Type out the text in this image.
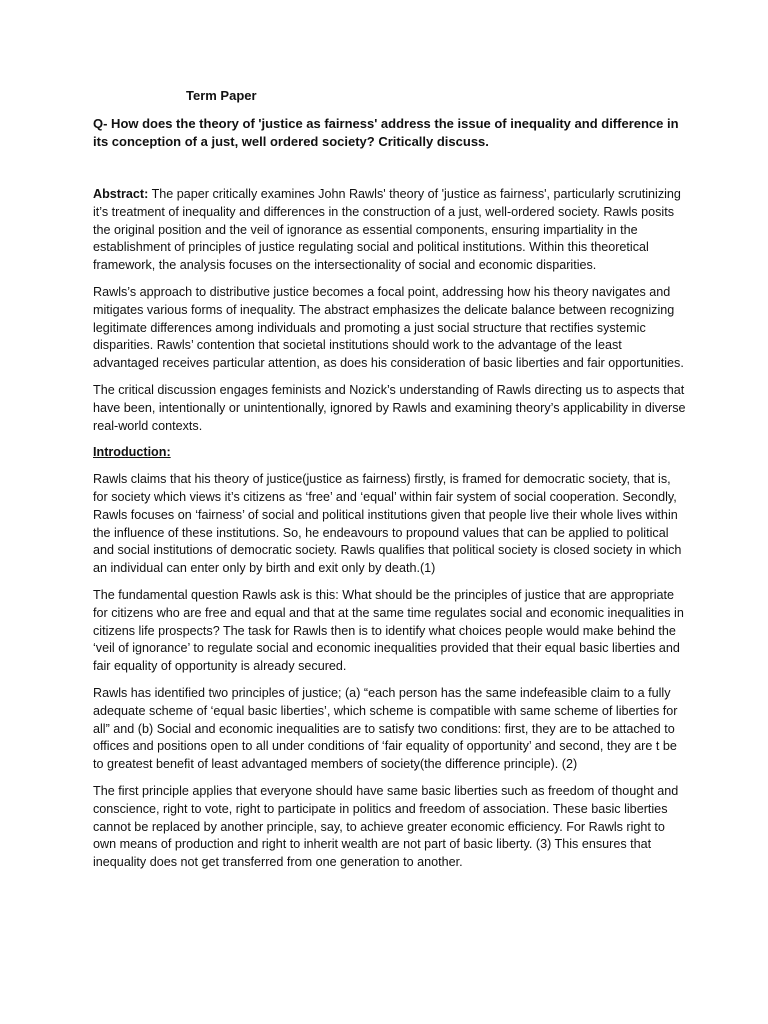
Term Paper

Q- How does the theory of 'justice as fairness' address the issue of inequality and difference in its conception of a just, well ordered society? Critically discuss.

Abstract: The paper critically examines John Rawls' theory of 'justice as fairness', particularly scrutinizing it’s treatment of inequality and differences in the construction of a just, well-ordered society. Rawls posits the original position and the veil of ignorance as essential components, ensuring impartiality in the establishment of principles of justice regulating social and political institutions. Within this theoretical framework, the analysis focuses on the intersectionality of social and economic disparities.

Rawls’s approach to distributive justice becomes a focal point, addressing how his theory navigates and mitigates various forms of inequality. The abstract emphasizes the delicate balance between recognizing legitimate differences among individuals and promoting a just social structure that rectifies systemic disparities. Rawls’ contention that societal institutions should work to the advantage of the least advantaged receives particular attention, as does his consideration of basic liberties and fair opportunities.

The critical discussion engages feminists and Nozick’s understanding of Rawls directing us to aspects that have been, intentionally or unintentionally, ignored by Rawls and examining theory’s applicability in diverse real-world contexts.

Introduction:

Rawls claims that his theory of justice(justice as fairness) firstly, is framed for democratic society, that is, for society which views it’s citizens as ‘free’ and ‘equal’ within fair system of social cooperation. Secondly, Rawls focuses on ‘fairness’ of social and political institutions given that people live their whole lives within the influence of these institutions. So, he endeavours to propound values that can be applied to political and social institutions of democratic society. Rawls qualifies that political society is closed society in which an individual can enter only by birth and exit only by death.(1)

The fundamental question Rawls ask is this: What should be the principles of justice that are appropriate for citizens who are free and equal and that at the same time regulates social and economic inequalities in citizens life prospects? The task for Rawls then is to identify what choices people would make behind the ‘veil of ignorance’ to regulate social and economic inequalities provided that their equal basic liberties and fair equality of opportunity is already secured.

Rawls has identified two principles of justice; (a) “each person has the same indefeasible claim to a fully adequate scheme of ‘equal basic liberties’, which scheme is compatible with same scheme of liberties for all” and (b) Social and economic inequalities are to satisfy two conditions: first, they are to be attached to offices and positions open to all under conditions of ‘fair equality of opportunity’ and second, they are t be to greatest benefit of least advantaged members of society(the difference principle). (2)

The first principle applies that everyone should have same basic liberties such as freedom of thought and conscience, right to vote, right to participate in politics and freedom of association. These basic liberties cannot be replaced by another principle, say, to achieve greater economic efficiency. For Rawls right to own means of production and right to inherit wealth are not part of basic liberty. (3) This ensures that inequality does not get transferred from one generation to another.
